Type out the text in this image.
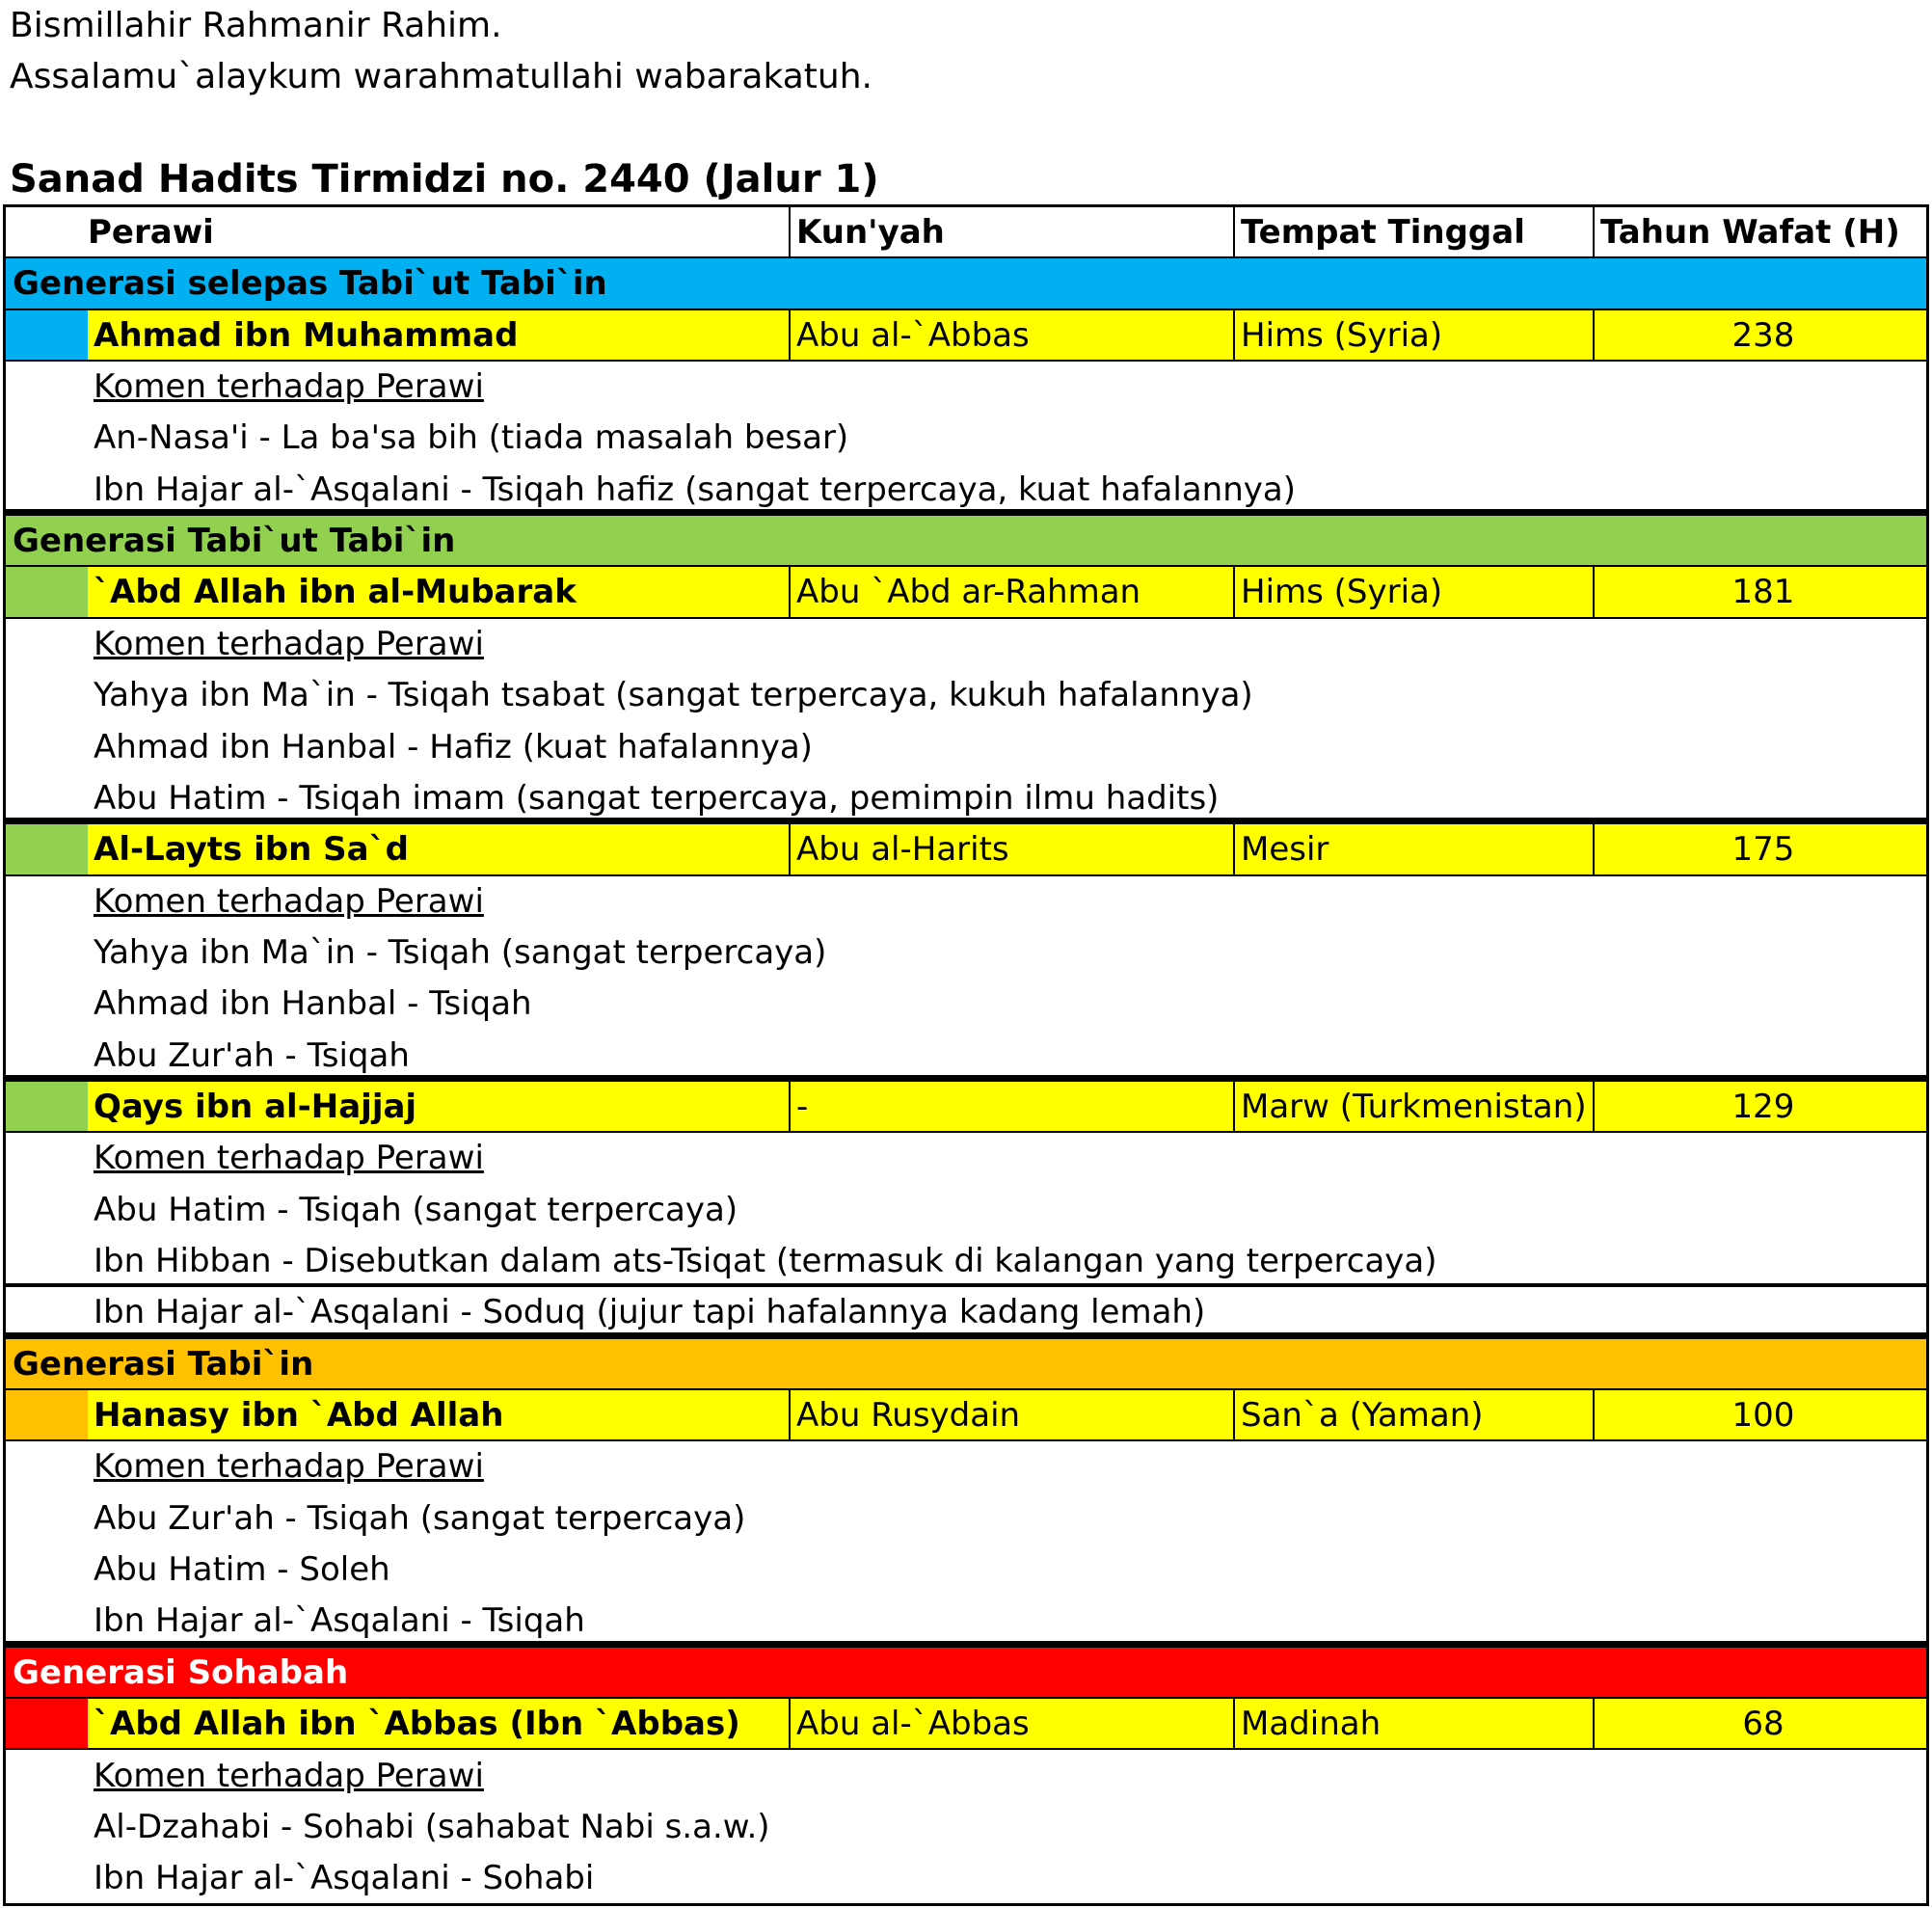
Bismillahir Rahmanir Rahim.
Assalamu`alaykum warahmatullahi wabarakatuh.
Sanad Hadits Tirmidzi no. 2440 (Jalur 1)
Perawi	Kun'yah	Tempat Tinggal	Tahun Wafat (H)
Generasi selepas Tabi`ut Tabi`in
Ahmad ibn Muhammad	Abu al-`Abbas	Hims (Syria)	238
Komen terhadap Perawi
An-Nasa'i - La ba'sa bih (tiada masalah besar)
Ibn Hajar al-`Asqalani - Tsiqah hafiz (sangat terpercaya, kuat hafalannya)
Generasi Tabi`ut Tabi`in
`Abd Allah ibn al-Mubarak	Abu `Abd ar-Rahman	Hims (Syria)	181
Komen terhadap Perawi
Yahya ibn Ma`in - Tsiqah tsabat (sangat terpercaya, kukuh hafalannya)
Ahmad ibn Hanbal - Hafiz (kuat hafalannya)
Abu Hatim - Tsiqah imam (sangat terpercaya, pemimpin ilmu hadits)
Al-Layts ibn Sa`d	Abu al-Harits	Mesir	175
Komen terhadap Perawi
Yahya ibn Ma`in - Tsiqah (sangat terpercaya)
Ahmad ibn Hanbal - Tsiqah
Abu Zur'ah - Tsiqah
Qays ibn al-Hajjaj	-	Marw (Turkmenistan)	129
Komen terhadap Perawi
Abu Hatim - Tsiqah (sangat terpercaya)
Ibn Hibban - Disebutkan dalam ats-Tsiqat (termasuk di kalangan yang terpercaya)
Ibn Hajar al-`Asqalani - Soduq (jujur tapi hafalannya kadang lemah)
Generasi Tabi`in
Hanasy ibn `Abd Allah	Abu Rusydain	San`a (Yaman)	100
Komen terhadap Perawi
Abu Zur'ah - Tsiqah (sangat terpercaya)
Abu Hatim - Soleh
Ibn Hajar al-`Asqalani - Tsiqah
Generasi Sohabah
`Abd Allah ibn `Abbas (Ibn `Abbas)	Abu al-`Abbas	Madinah	68
Komen terhadap Perawi
Al-Dzahabi - Sohabi (sahabat Nabi s.a.w.)
Ibn Hajar al-`Asqalani - Sohabi
